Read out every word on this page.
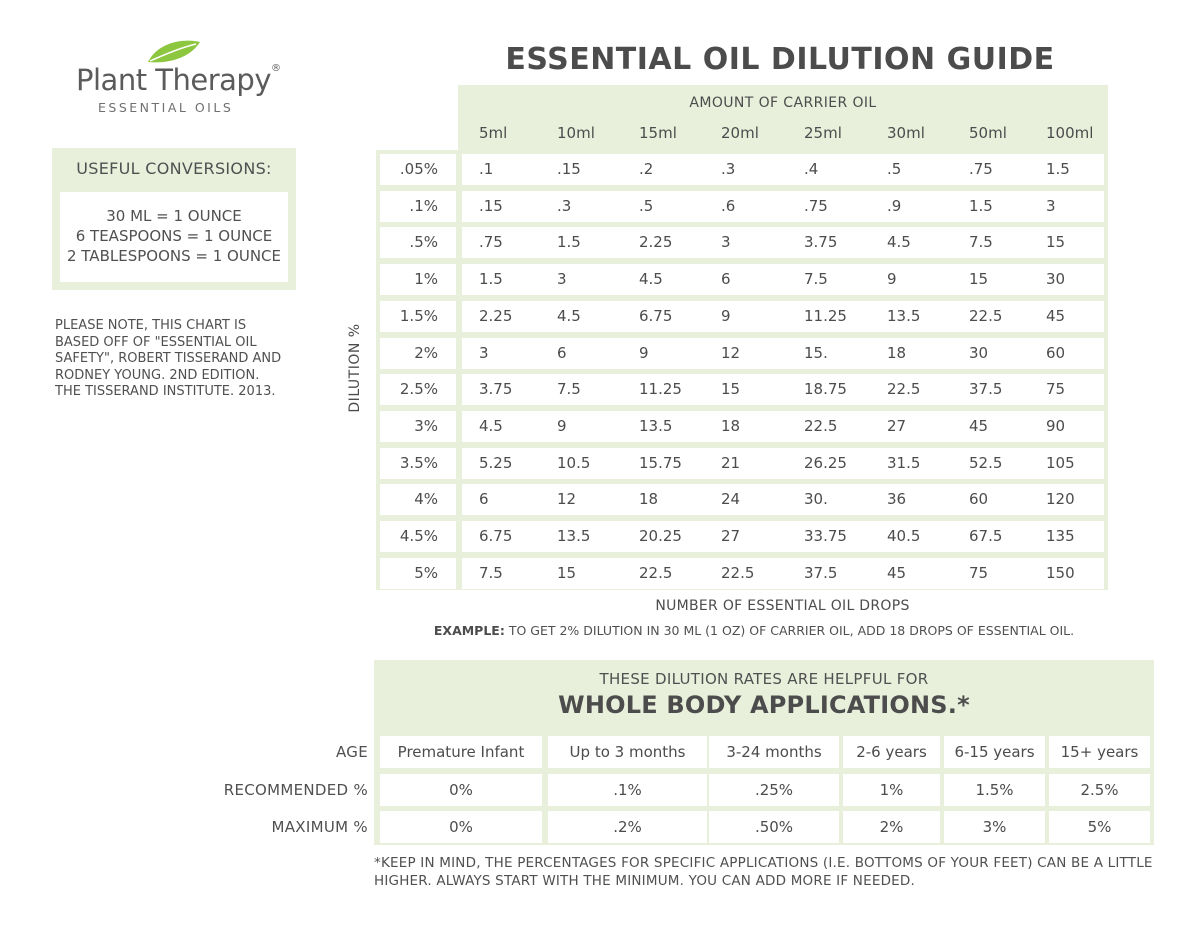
Plant Therapy®
ESSENTIAL OILS
USEFUL CONVERSIONS:
30 ML = 1 OUNCE
6 TEASPOONS = 1 OUNCE
2 TABLESPOONS = 1 OUNCE
PLEASE NOTE, THIS CHART IS BASED OFF OF "ESSENTIAL OIL SAFETY", ROBERT TISSERAND AND RODNEY YOUNG. 2ND EDITION. THE TISSERAND INSTITUTE. 2013.
ESSENTIAL OIL DILUTION GUIDE
AMOUNT OF CARRIER OIL
5ml	10ml	15ml	20ml	25ml	30ml	50ml	100ml
.05%	.1	.15	.2	.3	.4	.5	.75	1.5
.1%	.15	.3	.5	.6	.75	.9	1.5	3
.5%	.75	1.5	2.25	3	3.75	4.5	7.5	15
1%	1.5	3	4.5	6	7.5	9	15	30
1.5%	2.25	4.5	6.75	9	11.25	13.5	22.5	45
2%	3	6	9	12	15.	18	30	60
2.5%	3.75	7.5	11.25	15	18.75	22.5	37.5	75
3%	4.5	9	13.5	18	22.5	27	45	90
3.5%	5.25	10.5	15.75	21	26.25	31.5	52.5	105
4%	6	12	18	24	30.	36	60	120
4.5%	6.75	13.5	20.25	27	33.75	40.5	67.5	135
5%	7.5	15	22.5	22.5	37.5	45	75	150
DILUTION %
NUMBER OF ESSENTIAL OIL DROPS
EXAMPLE: TO GET 2% DILUTION IN 30 ML (1 OZ) OF CARRIER OIL, ADD 18 DROPS OF ESSENTIAL OIL.
THESE DILUTION RATES ARE HELPFUL FOR
WHOLE BODY APPLICATIONS.*
AGE
RECOMMENDED %
MAXIMUM %
Premature Infant	Up to 3 months	3-24 months	2-6 years	6-15 years	15+ years
0%	.1%	.25%	1%	1.5%	2.5%
0%	.2%	.50%	2%	3%	5%
*KEEP IN MIND, THE PERCENTAGES FOR SPECIFIC APPLICATIONS (I.E. BOTTOMS OF YOUR FEET) CAN BE A LITTLE HIGHER. ALWAYS START WITH THE MINIMUM. YOU CAN ADD MORE IF NEEDED.
